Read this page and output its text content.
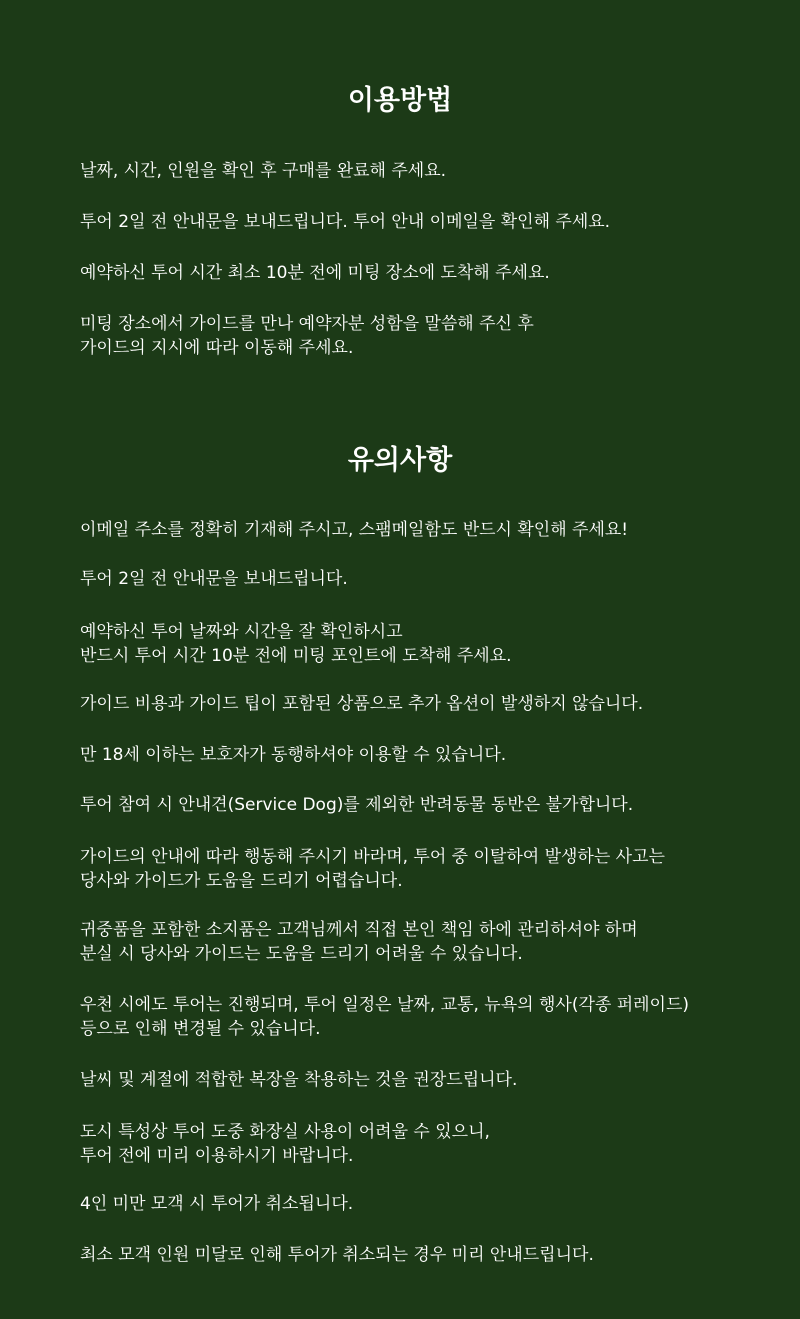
이용방법

날짜, 시간, 인원을 확인 후 구매를 완료해 주세요.

투어 2일 전 안내문을 보내드립니다. 투어 안내 이메일을 확인해 주세요.

예약하신 투어 시간 최소 10분 전에 미팅 장소에 도착해 주세요.

미팅 장소에서 가이드를 만나 예약자분 성함을 말씀해 주신 후
가이드의 지시에 따라 이동해 주세요.

유의사항

이메일 주소를 정확히 기재해 주시고, 스팸메일함도 반드시 확인해 주세요!

투어 2일 전 안내문을 보내드립니다.

예약하신 투어 날짜와 시간을 잘 확인하시고
반드시 투어 시간 10분 전에 미팅 포인트에 도착해 주세요.

가이드 비용과 가이드 팁이 포함된 상품으로 추가 옵션이 발생하지 않습니다.

만 18세 이하는 보호자가 동행하셔야 이용할 수 있습니다.

투어 참여 시 안내견(Service Dog)를 제외한 반려동물 동반은 불가합니다.

가이드의 안내에 따라 행동해 주시기 바라며, 투어 중 이탈하여 발생하는 사고는
당사와 가이드가 도움을 드리기 어렵습니다.

귀중품을 포함한 소지품은 고객님께서 직접 본인 책임 하에 관리하셔야 하며
분실 시 당사와 가이드는 도움을 드리기 어려울 수 있습니다.

우천 시에도 투어는 진행되며, 투어 일정은 날짜, 교통, 뉴욕의 행사(각종 퍼레이드)
등으로 인해 변경될 수 있습니다.

날씨 및 계절에 적합한 복장을 착용하는 것을 권장드립니다.

도시 특성상 투어 도중 화장실 사용이 어려울 수 있으니,
투어 전에 미리 이용하시기 바랍니다.

4인 미만 모객 시 투어가 취소됩니다.

최소 모객 인원 미달로 인해 투어가 취소되는 경우 미리 안내드립니다.
